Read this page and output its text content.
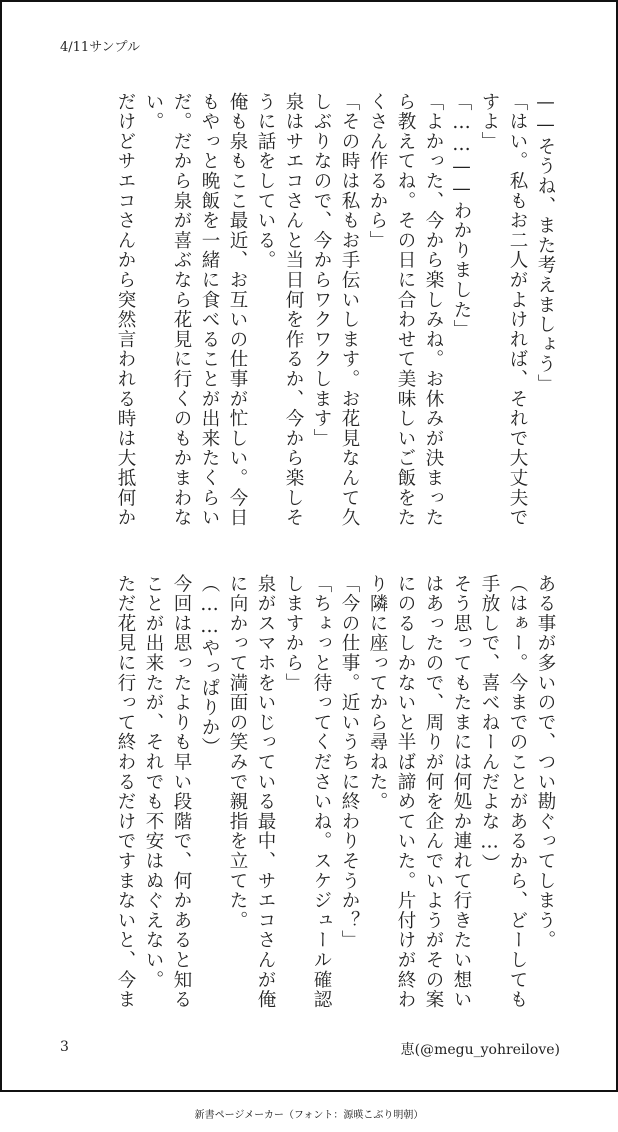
4/11サンプル
——そうね、また考えましょう」
「はい。私もお二人がよければ、それで大丈夫で
すよ」
「……——わかりました」
「よかった、今から楽しみね。お休みが決まった
ら教えてね。その日に合わせて美味しいご飯をた
くさん作るから」
「その時は私もお手伝いします。お花見なんて久
しぶりなので、今からワクワクします」
泉はサエコさんと当日何を作るか、今から楽しそ
うに話をしている。
俺も泉もここ最近、お互いの仕事が忙しい。今日
もやっと晩飯を一緒に食べることが出来たくらい
だ。だから泉が喜ぶなら花見に行くのもかまわな
い。
だけどサエコさんから突然言われる時は大抵何か
ある事が多いので、つい勘ぐってしまう。
（はぁー。今までのことがあるから、どーしても
手放しで、喜べねーんだよな…）
そう思ってもたまには何処か連れて行きたい想い
はあったので、周りが何を企んでいようがその案
にのるしかないと半ば諦めていた。片付けが終わ
り隣に座ってから尋ねた。
「今の仕事。近いうちに終わりそうか？」
「ちょっと待ってくださいね。スケジュール確認
しますから」
泉がスマホをいじっている最中、サエコさんが俺
に向かって満面の笑みで親指を立てた。
（……やっぱりか）
今回は思ったよりも早い段階で、何かあると知る
ことが出来たが、それでも不安はぬぐえない。
ただ花見に行って終わるだけですまないと、今ま
3	恵(@megu_yohreilove)
新書ページメーカー（フォント：源暎こぶり明朝）
